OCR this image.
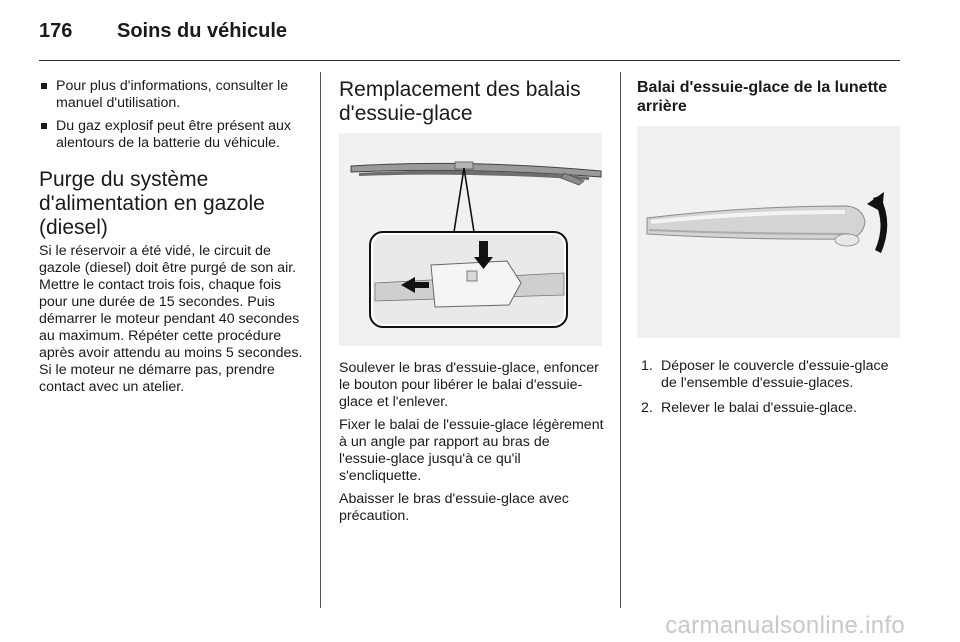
176 Soins du véhicule
Pour plus d'informations, consulter le manuel d'utilisation.
Du gaz explosif peut être présent aux alentours de la batterie du véhicule.
Purge du système d'alimentation en gazole (diesel)

Si le réservoir a été vidé, le circuit de gazole (diesel) doit être purgé de son air. Mettre le contact trois fois, chaque fois pour une durée de 15 secondes. Puis démarrer le moteur pendant 40 secondes au maximum. Répéter cette procédure après avoir attendu au moins 5 secondes. Si le moteur ne démarre pas, prendre contact avec un atelier.

Remplacement des balais d'essuie-glace

Soulever le bras d'essuie-glace, enfoncer le bouton pour libérer le balai d'essuie-glace et l'enlever.

Fixer le balai de l'essuie-glace légèrement à un angle par rapport au bras de l'essuie-glace jusqu'à ce qu'il s'encliquette.

Abaisser le bras d'essuie-glace avec précaution.

Balai d'essuie-glace de la lunette arrière
1. Déposer le couvercle d'essuie-glace de l'ensemble d'essuie-glaces.
2. Relever le balai d'essuie-glace.
carmanualsonline.info
